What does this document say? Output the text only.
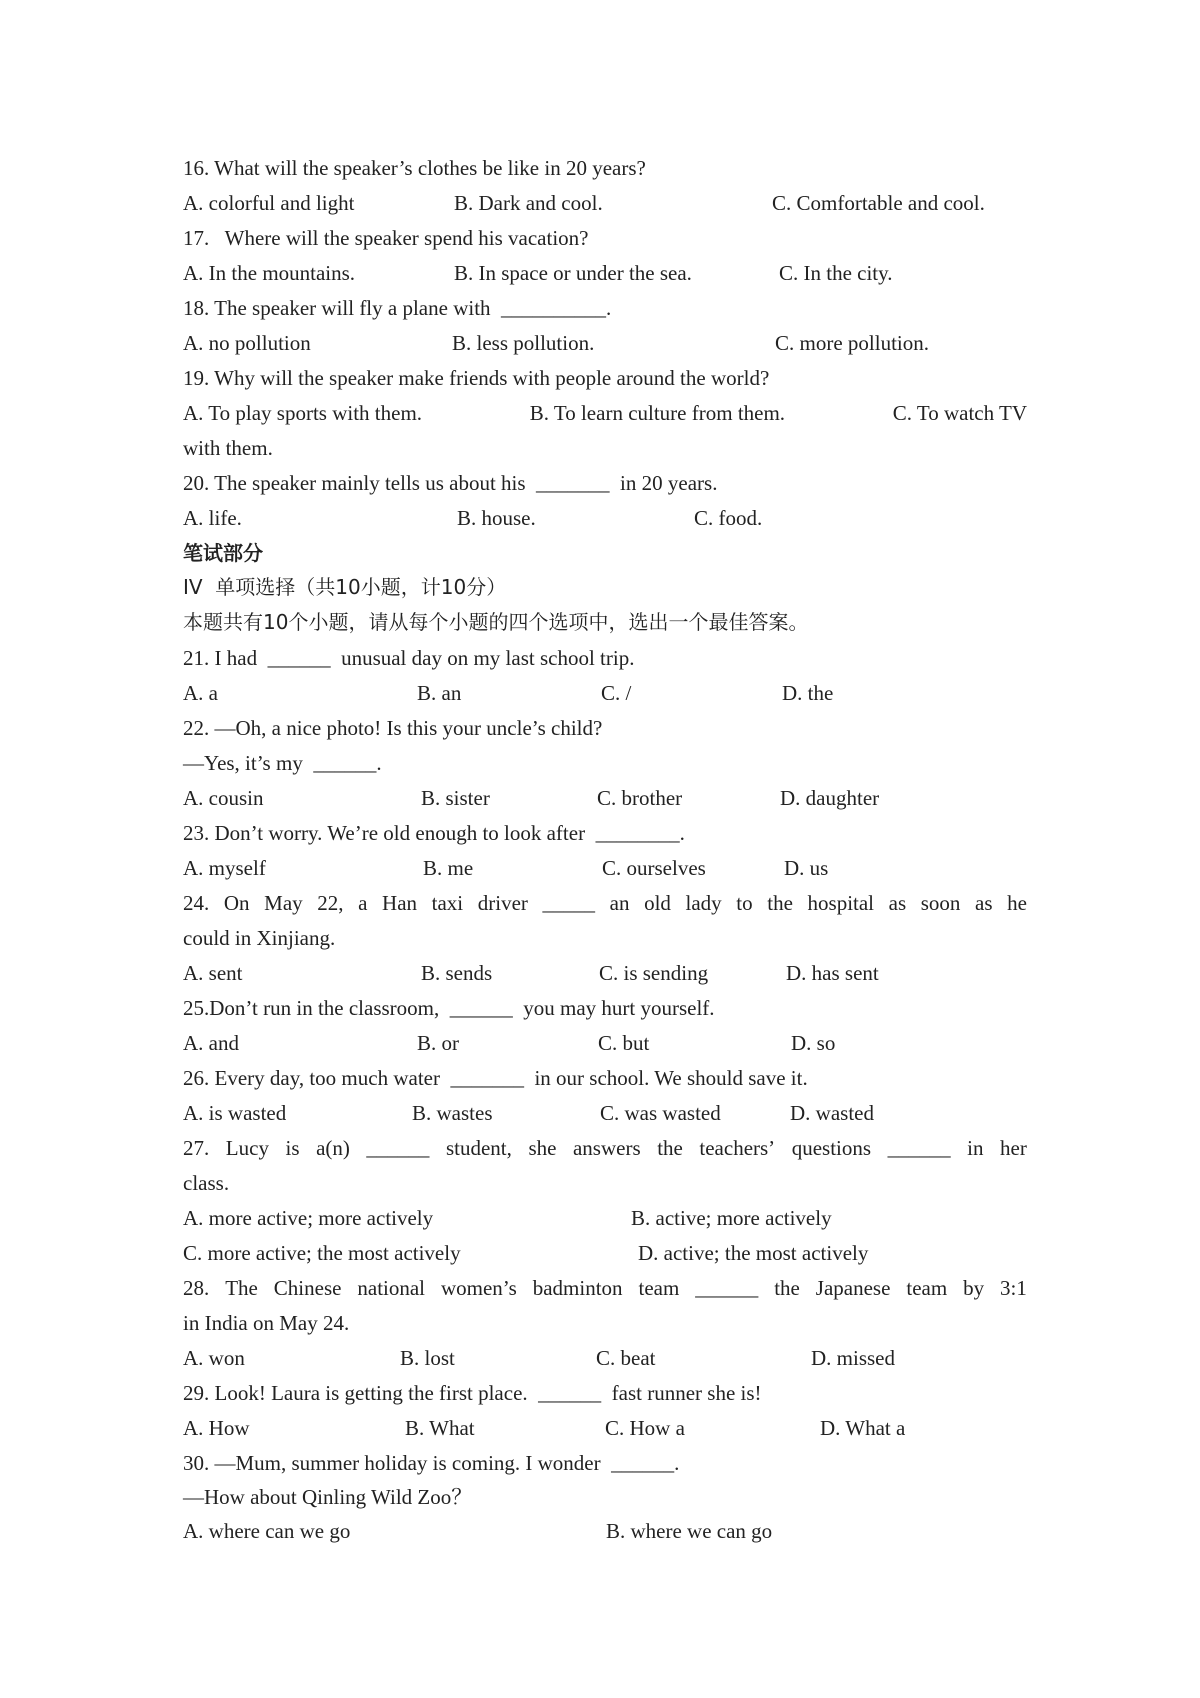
16. What will the speaker’s clothes be like in 20 years?
A. colorful and light	B. Dark and cool.	C. Comfortable and cool.
17.   Where will the speaker spend his vacation?
A. In the mountains.	B. In space or under the sea.	C. In the city.
18. The speaker will fly a plane with  __________.
A. no pollution	B. less pollution.	C. more pollution.
19. Why will the speaker make friends with people around the world?
A. To play sports with them.	B. To learn culture from them.	C. To watch TV
with them.
20. The speaker mainly tells us about his  _______  in 20 years.
A. life.	B. house.	C. food.
笔试部分
IV  单项选择（共10小题，计10分）
本题共有10个小题，请从每个小题的四个选项中，选出一个最佳答案。
21. I had  ______  unusual day on my last school trip.
A. a	B. an	C. /	D. the
22. —Oh, a nice photo! Is this your uncle’s child?
—Yes, it’s my  ______.
A. cousin	B. sister	C. brother	D. daughter
23. Don’t worry. We’re old enough to look after  ________.
A. myself	B. me	C. ourselves	D. us
24. On May 22, a Han taxi driver _____ an old lady to the hospital as soon as he
could in Xinjiang.
A. sent	B. sends	C. is sending	D. has sent
25.Don’t run in the classroom,  ______  you may hurt yourself.
A. and	B. or	C. but	D. so
26. Every day, too much water  _______  in our school. We should save it.
A. is wasted	B. wastes	C. was wasted	D. wasted
27. Lucy is a(n) ______ student, she answers the teachers’ questions ______ in her
class.
A. more active; more actively	B. active; more actively
C. more active; the most actively	D. active; the most actively
28. The Chinese national women’s badminton team ______ the Japanese team by 3:1
in India on May 24.
A. won	B. lost	C. beat	D. missed
29. Look! Laura is getting the first place.  ______  fast runner she is!
A. How	B. What	C. How a	D. What a
30. —Mum, summer holiday is coming. I wonder  ______.
—How about Qinling Wild Zoo？
A. where can we go	B. where we can go
